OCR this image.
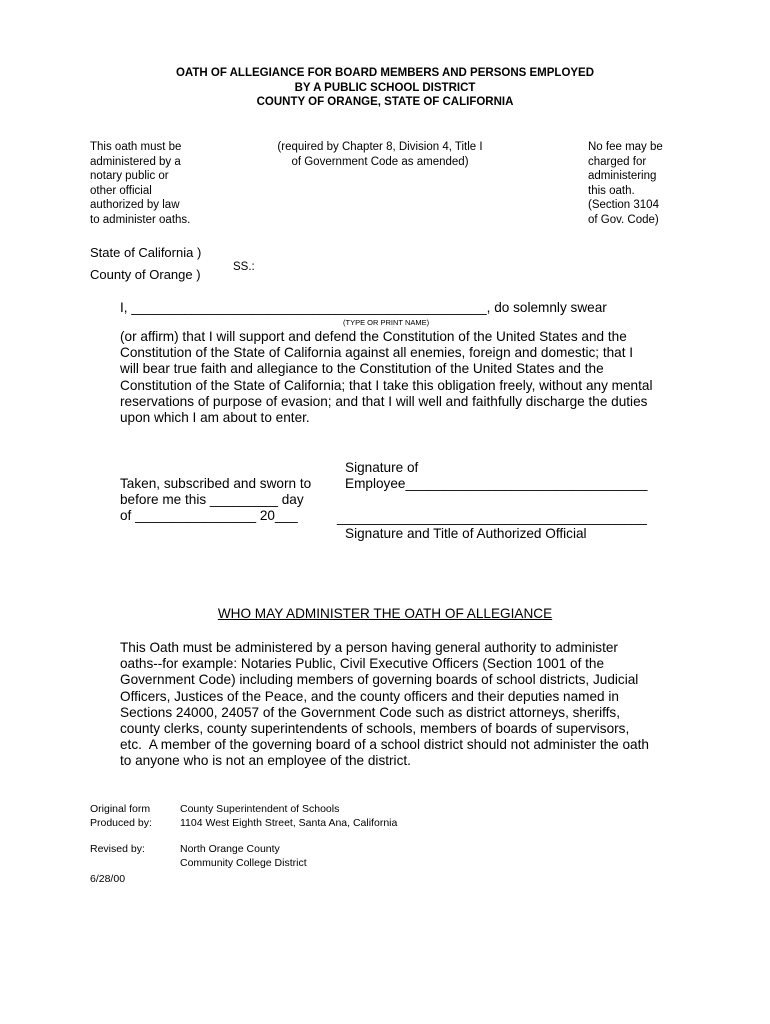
OATH OF ALLEGIANCE FOR BOARD MEMBERS AND PERSONS EMPLOYED
BY A PUBLIC SCHOOL DISTRICT
COUNTY OF ORANGE, STATE OF CALIFORNIA
This oath must be
administered by a
notary public or
other official
authorized by law
to administer oaths.
(required by Chapter 8, Division 4, Title I
of Government Code as amended)
No fee may be
charged for
administering
this oath.
(Section 3104
of Gov. Code)
State of California )
County of Orange )	SS.:
I, _______________________________________________, do solemnly swear
(TYPE OR PRINT NAME)
(or affirm) that I will support and defend the Constitution of the United States and the
Constitution of the State of California against all enemies, foreign and domestic; that I
will bear true faith and allegiance to the Constitution of the United States and the
Constitution of the State of California; that I take this obligation freely, without any mental
reservations of purpose of evasion; and that I will well and faithfully discharge the duties
upon which I am about to enter.
Taken, subscribed and sworn to
before me this _________ day
of ________________ 20___
Signature of
Employee________________________________
_________________________________________
Signature and Title of Authorized Official
WHO MAY ADMINISTER THE OATH OF ALLEGIANCE
This Oath must be administered by a person having general authority to administer
oaths--for example: Notaries Public, Civil Executive Officers (Section 1001 of the
Government Code) including members of governing boards of school districts, Judicial
Officers, Justices of the Peace, and the county officers and their deputies named in
Sections 24000, 24057 of the Government Code such as district attorneys, sheriffs,
county clerks, county superintendents of schools, members of boards of supervisors,
etc.  A member of the governing board of a school district should not administer the oath
to anyone who is not an employee of the district.
Original form
Produced by:
County Superintendent of Schools
1104 West Eighth Street, Santa Ana, California
Revised by:	North Orange County
Community College District
6/28/00
